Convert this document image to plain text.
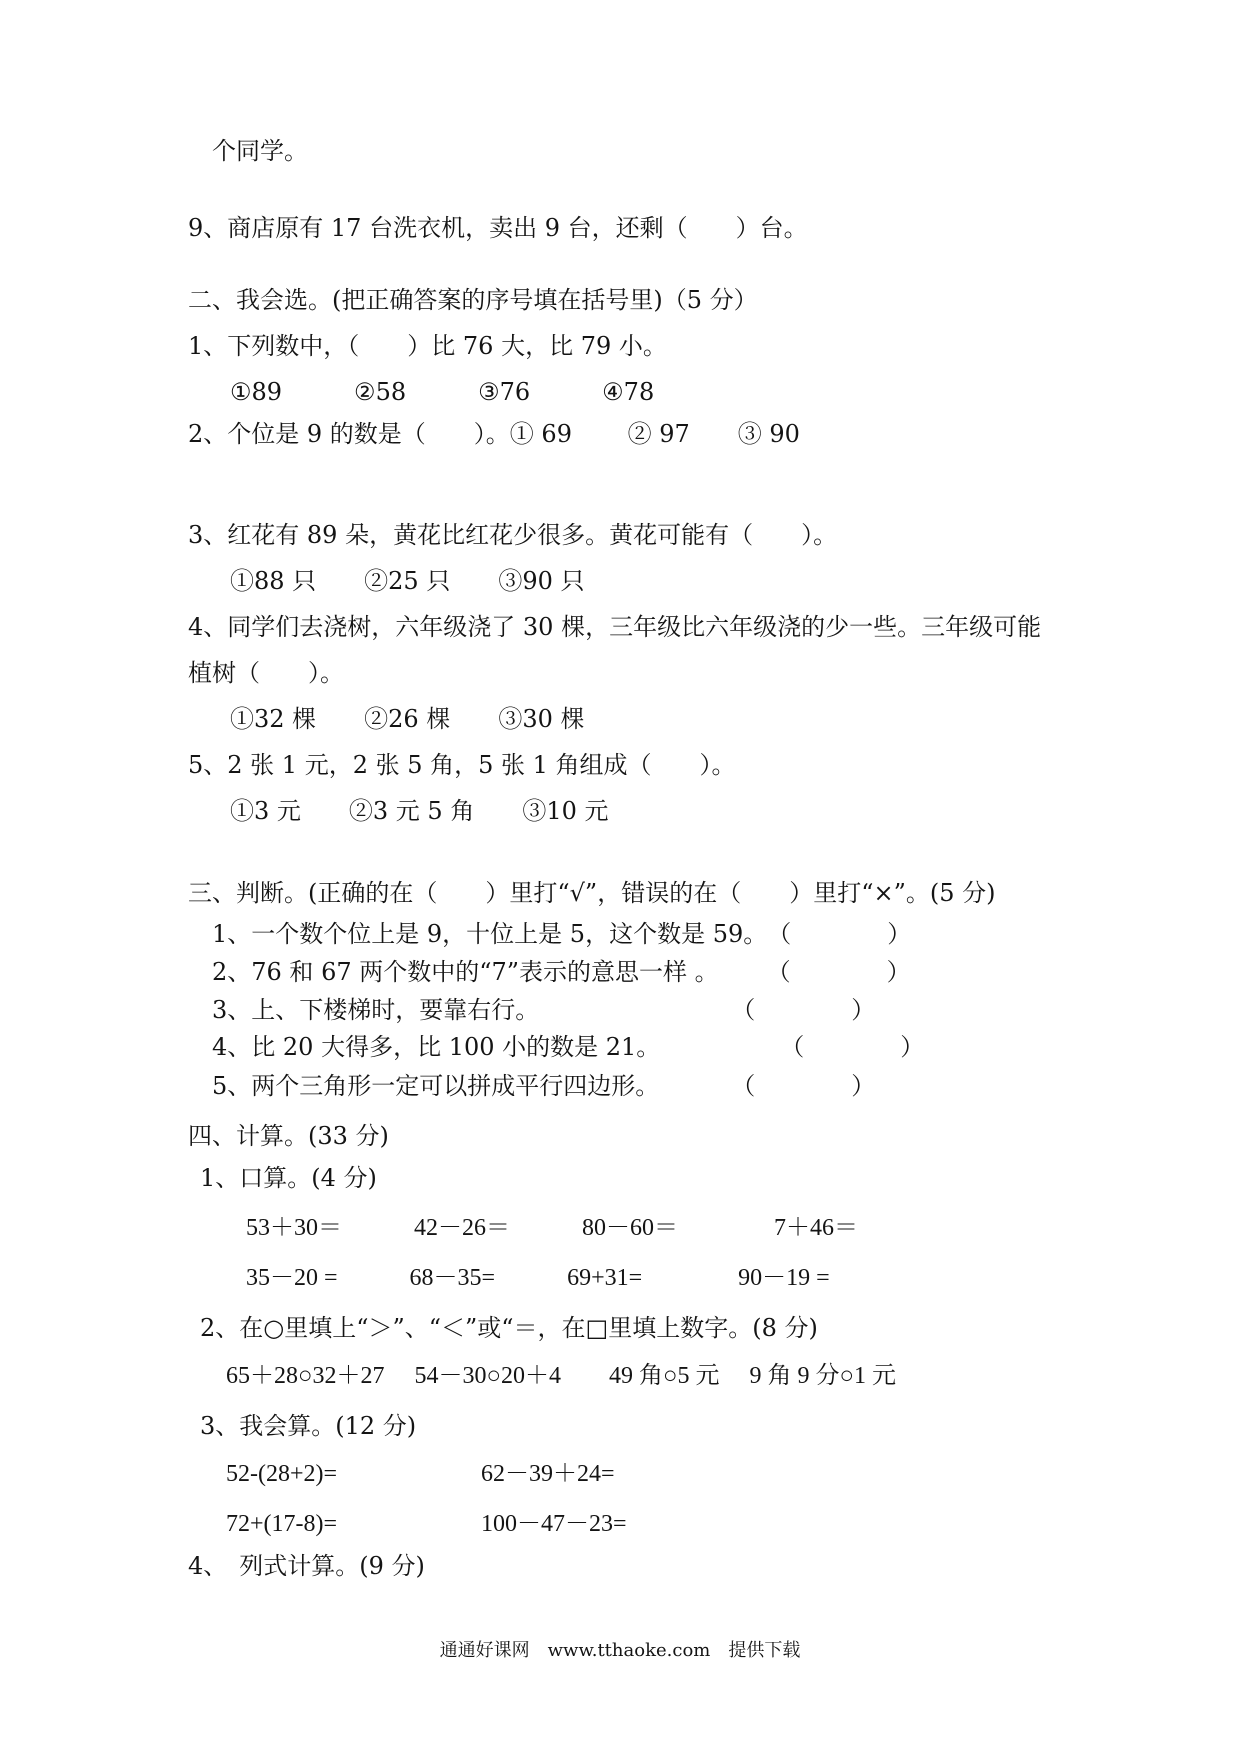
个同学。
9、商店原有 17 台洗衣机，卖出 9 台，还剩（　　）台。
二、我会选。(把正确答案的序号填在括号里)（5 分）
1、下列数中，（　　）比 76 大，比 79 小。
①89　　　②58　　　③76　　　④78
2、个位是 9 的数是（　　）。① 69　　 ② 97　　③ 90
3、红花有 89 朵，黄花比红花少很多。黄花可能有（　　）。
①88 只　　②25 只　　③90 只
4、同学们去浇树，六年级浇了 30 棵，三年级比六年级浇的少一些。三年级可能
植树（　　）。
①32 棵　　②26 棵　　③30 棵
5、2 张 1 元，2 张 5 角，5 张 1 角组成（　　）。
①3 元　　②3 元 5 角　　③10 元
三、判断。(正确的在（　　）里打“√”，错误的在（　　）里打“×”。(5 分)
1、一个数个位上是 9，十位上是 5，这个数是 59。　（　　　　）
2、76 和 67 两个数中的“7”表示的意思一样 。　　　（　　　　）
3、上、下楼梯时，要靠右行。　　　　　　　　　（　　　　）
4、比 20 大得多，比 100 小的数是 21。　　　　　　（　　　　）
5、两个三角形一定可以拼成平行四边形。　　　　（　　　　）
四、计算。(33 分)
1、口算。(4 分)
53＋30＝　　　42－26＝　　　80－60＝　　　　7＋46＝
35－20 =　　　68－35=　　　69+31=　　　　90－19 =
2、在○里填上“＞”、“＜”或“＝，在□里填上数字。(8 分)
65＋28○32＋27　 54－30○20＋4　　49 角○5 元　 9 角 9 分○1 元
3、我会算。(12 分)
52-(28+2)=　　　　　　62－39＋24=
72+(17-8)=　　　　　　100－47－23=
4、　列式计算。(9 分)
通通好课网　www.tthaoke.com　提供下载
